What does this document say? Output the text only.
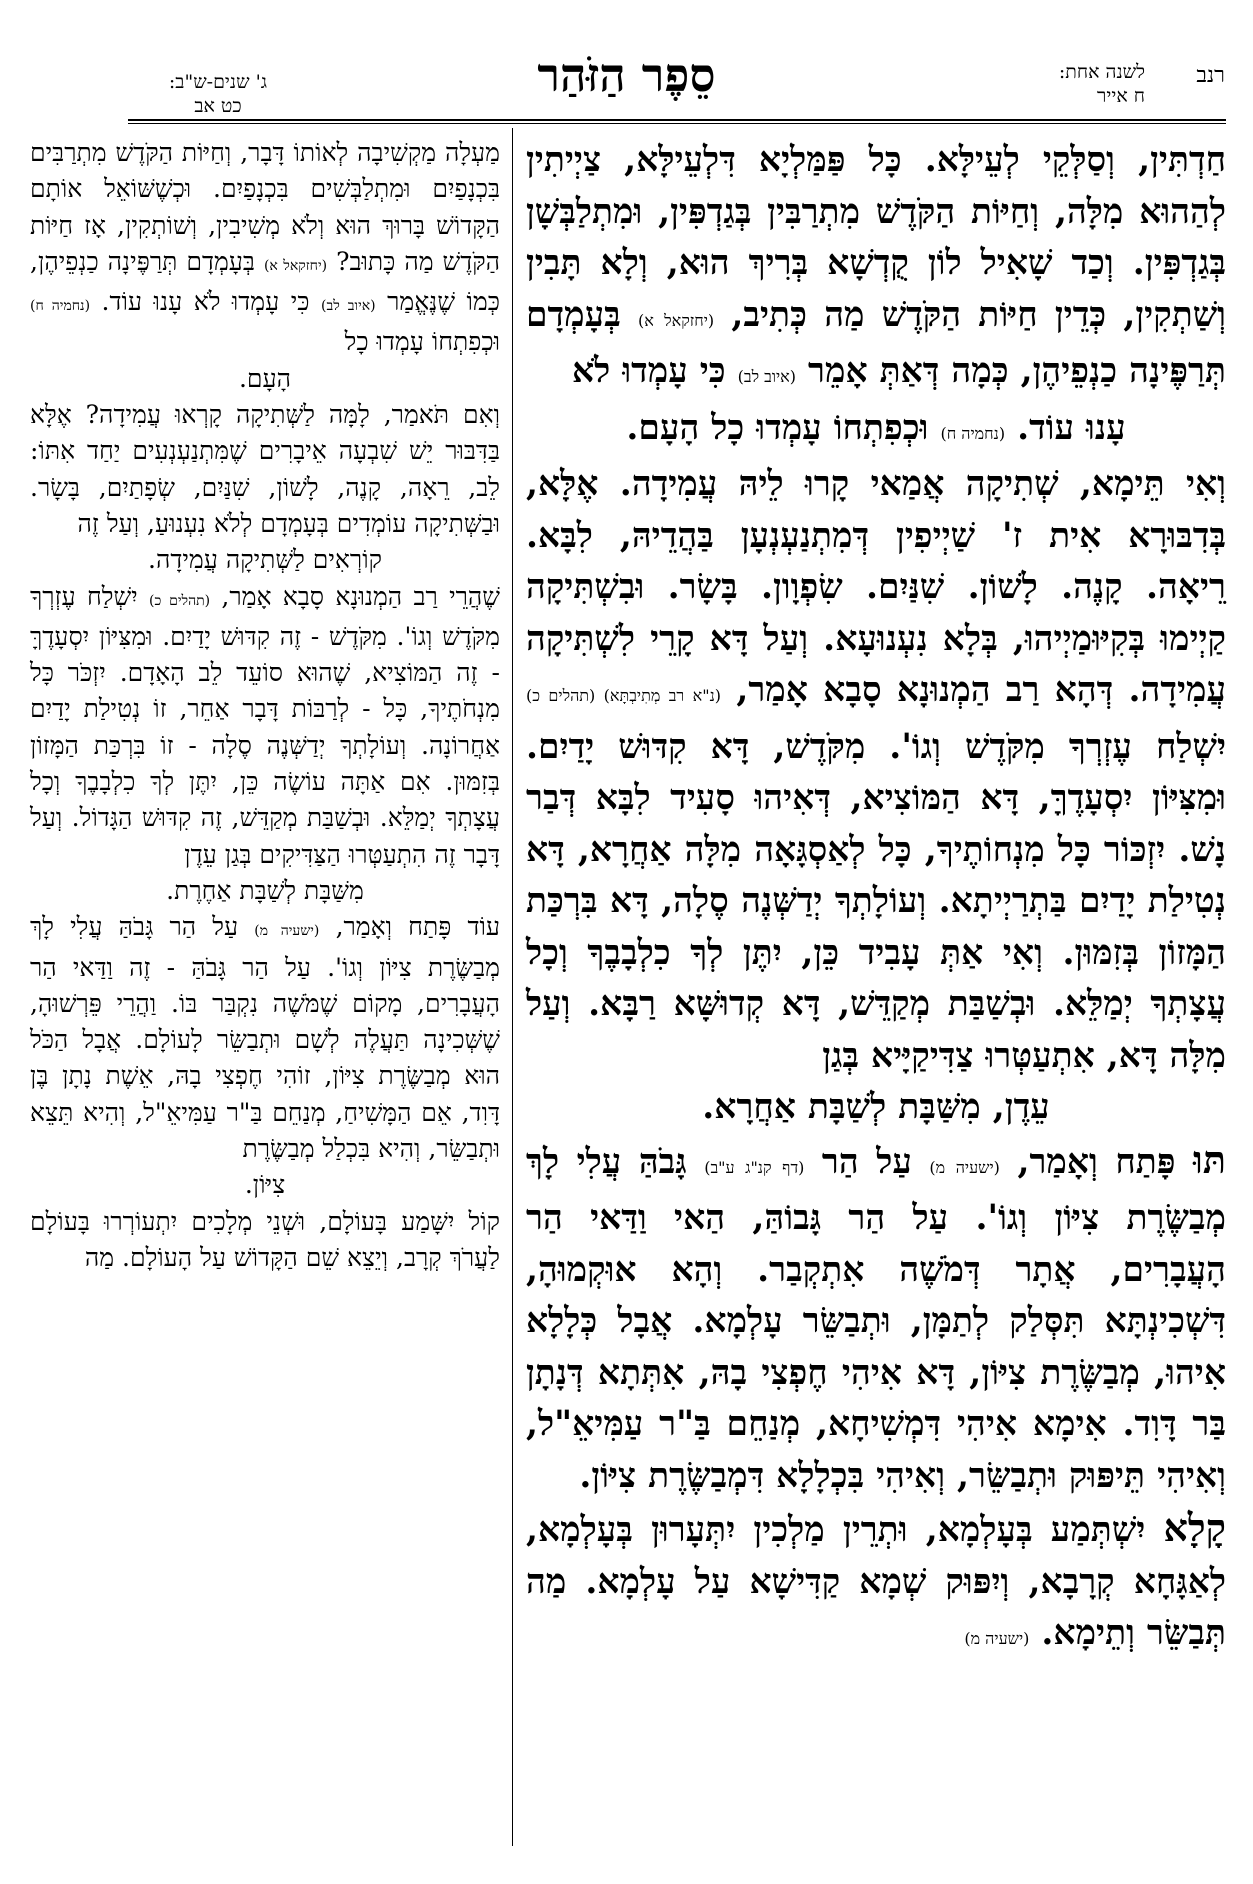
רנב
לשנה אחת:
ח אייר
סֵפֶר הַזֹּהַר
ג' שנים-ש"ב:
כט אב

חַדְתִּין, וְסַלְּקֵי לְעֵילָּא. כָּל פַּמַּלְיָא דִּלְעֵילָּא, צַיְיתִין לְהַהוּא מִלָּה, וְחַיּוֹת הַקֹּדֶשׁ מִתְרַבִּין בְּגַדְפִּין, וּמִתְלַבְּשָׁן בְּגַדְפִּין. וְכַד שָׁאִיל לוֹן קֻדְשָׁא בְּרִיךְ הוּא, וְלָא תָּבִין וְשַׁתְקִין, כְּדֵין חַיּוֹת הַקֹּדֶשׁ מַה כְּתִיב, (יחזקאל א) בְּעָמְדָם תְּרַפֶּינָה כַנְפֵיהֶן, כְּמָה דְּאַתְּ אָמֵר (איוב לב) כִּי עָמְדוּ לֹא

עָנוּ עוֹד. (נחמיה ח) וּכְפִתְחוֹ עָמְדוּ כָל הָעָם.

וְאִי תֵּימָא, שְׁתִיקָה אֲמַאי קָרוּ לֵיהּ עֲמִידָה. אֶלָּא, בְּדִבּוּרָא אִית ז' שַׁיְיפִין דְּמִתְנַעְנְעָן בַּהֲדֵיהּ, לִבָּא. רֵיאָה. קָנֶה. לָשׁוֹן. שִׁנַּיִם. שִׂפְוָון. בָּשָׂר. וּבִשְׁתִּיקָה קַיְימוּ בְּקִיּוּמַיְיהוּ, בְּלָא נִעְנוּעָא. וְעַל דָּא קָרֵי לִשְׁתִּיקָה עֲמִידָה. דְּהָא רַב הַמְנוּנָא סָבָא אָמַר, (נ"א רב מְתִיבְתָּא) (תהלים כ) יִשְׁלַח עֶזְרְךָ מִקֹּדֶשׁ וְגוֹ'. מִקֹּדֶשׁ, דָּא קִדּוּשׁ יָדַיִם. וּמִצִּיּוֹן יִסְעָדֶךָּ, דָּא הַמּוֹצִיא, דְּאִיהוּ סָעִיד לִבָּא דְּבַר נָשׁ. יִזְכּוֹר כָּל מִנְחוֹתֶיךָ, כָּל לְאַסְגָּאָה מִלָּה אַחֲרָא, דָּא נְטִילַת יָדַיִם בַּתְרַיְיתָא. וְעוֹלָתְךָ יְדַשְּׁנֶה סֶלָה, דָּא בִּרְכַּת הַמָּזוֹן בְּזִמּוּן. וְאִי אַתְּ עָבִיד כֵּן, יִתֶּן לְךָ כִלְבָבֶךָ וְכָל עֲצָתְךָ יְמַלֵּא. וּבְשַׁבַּת מְקַדֵּשׁ, דָּא קְדוּשָּׁא רַבָּא. וְעַל מִלָּה דָּא, אִתְעַטְּרוּ צַדִּיקַיָּיא בְּגַן

עֵדֶן, מִשַּׁבָּת לְשַׁבָּת אַחֲרָא.

תּוּ פָּתַח וְאָמַר, (ישעיה מ) עַל הַר (דף קנ"ג ע"ב) גָּבֹהַּ עֲלִי לָךְ מְבַשֶּׂרֶת צִיּוֹן וְגוֹ'. עַל הַר גָּבוֹהַּ, הַאי וַדַּאי הַר הָעֲבָרִים, אֲתָר דְּמֹשֶׁה אִתְקְבַר. וְהָא אוּקְמוּהָ, דִּשְׁכִינְתָּא תִּסְּלַק לְתַמָּן, וּתְבַשֵּׂר עָלְמָא. אֲבָל כְּלָלָא אִיהוּ, מְבַשֶּׂרֶת צִיּוֹן, דָּא אִיהִי חֶפְצִי בָהּ, אִתְּתָא דְּנָתָן בַּר דָּוִד. אִימָא אִיהִי דִּמְשִׁיחָא, מְנַחֵם בַּ"ר עַמִּיאֵ"ל, וְאִיהִי תֵּיפּוּק וּתְבַשֵּׂר, וְאִיהִי בִּכְלָלָא דִּמְבַשֶּׂרֶת צִיּוֹן.

קָלָא יִשְׁתְּמַע בְּעָלְמָא, וּתְרֵין מַלְכִין יִתְּעָרוּן בְּעָלְמָא, לְאַגָּחָא קְרָבָא, וְיִפּוּק שְׁמָא קַדִּישָׁא עַל עָלְמָא. מַה תְּבַשֵּׂר וְתֵימָא. (ישעיה מ)

מַעְלָה מַקְשִׁיבָה לְאוֹתוֹ דָּבָר, וְחַיּוֹת הַקֹּדֶשׁ מִתְרַבִּים בִּכְנָפַיִם וּמִתְלַבְּשִׁים בִּכְנָפַיִם. וּכְשֶׁשּׁוֹאֵל אוֹתָם הַקָּדוֹשׁ בָּרוּךְ הוּא וְלֹא מְשִׁיבִין, וְשׁוֹתְקִין, אָז חַיּוֹת הַקֹּדֶשׁ מַה כָּתוּב? (יחזקאל א) בְּעָמְדָם תְּרַפֶּינָה כַנְפֵיהֶן, כְּמוֹ שֶׁנֶּאֱמַר (איוב לב) כִּי עָמְדוּ לֹא עָנוּ עוֹד. (נחמיה ח) וּכְפִתְחוֹ עָמְדוּ כָל

הָעָם.

וְאִם תֹּאמַר, לָמָּה לַשְּׁתִיקָה קָרְאוּ עֲמִידָה? אֶלָּא בַּדִּבּוּר יֵשׁ שִׁבְעָה אֵיבָרִים שֶׁמִּתְנַעְנְעִים יַחַד אִתּוֹ: לֵב, רֵאָה, קָנֶה, לָשׁוֹן, שִׁנַּיִם, שְׂפָתַיִם, בָּשָׂר. וּבַשְּׁתִיקָה עוֹמְדִים בְּעָמְדָם לְלֹא נִעְנוּעַ, וְעַל זֶה

קוֹרְאִים לַשְּׁתִיקָה עֲמִידָה.

שֶׁהֲרֵי רַב הַמְנוּנָא סָבָא אָמַר, (תהלים כ) יִשְׁלַח עֶזְרְךָ מִקֹּדֶשׁ וְגוֹ'. מִקֹּדֶשׁ - זֶה קִדּוּשׁ יָדַיִם. וּמִצִּיּוֹן יִסְעָדֶךָּ - זֶה הַמּוֹצִיא, שֶׁהוּא סוֹעֵד לֵב הָאָדָם. יִזְכֹּר כָּל מִנְחֹתֶיךָ, כָּל - לְרַבּוֹת דָּבָר אַחֵר, זוֹ נְטִילַת יָדַיִם אַחֲרוֹנָה. וְעוֹלָתְךָ יְדַשְּׁנֶה סֶלָה - זוֹ בִּרְכַּת הַמָּזוֹן בְּזִמּוּן. אִם אַתָּה עוֹשֶׂה כֵּן, יִתֶּן לְךָ כִלְבָבֶךָ וְכָל עֲצָתְךָ יְמַלֵּא. וּבְשַׁבַּת מְקַדֵּשׁ, זֶה קִדּוּשׁ הַגָּדוֹל. וְעַל דָּבָר זֶה הִתְעַטְּרוּ הַצַּדִּיקִים בְּגַן עֵדֶן

מִשַּׁבָּת לְשַׁבָּת אַחֶרֶת.

עוֹד פָּתַח וְאָמַר, (ישעיה מ) עַל הַר גָּבֹהַּ עֲלִי לָךְ מְבַשֶּׂרֶת צִיּוֹן וְגוֹ'. עַל הַר גָּבֹהַּ - זֶה וַדַּאי הַר הָעֲבָרִים, מָקוֹם שֶׁמֹּשֶׁה נִקְבַּר בּוֹ. וַהֲרֵי פֵּרְשׁוּהָ, שֶׁשְּׁכִינָה תַּעֲלֶה לְשָׁם וּתְבַשֵּׂר לָעוֹלָם. אֲבָל הַכֹּל הוּא מְבַשֶּׂרֶת צִיּוֹן, זוֹהִי חֶפְצִי בָהּ, אֵשֶׁת נָתָן בֶּן דָּוִד, אֵם הַמָּשִׁיחַ, מְנַחֵם בַּ"ר עַמִּיאֵ"ל, וְהִיא תֵּצֵא וּתְבַשֵּׂר, וְהִיא בִּכְלַל מְבַשֶּׂרֶת

צִיּוֹן.

קוֹל יִשָּׁמַע בָּעוֹלָם, וּשְׁנֵי מְלָכִים יִתְעוֹרְרוּ בָּעוֹלָם לַעֲרֹךְ קְרָב, וְיֵצֵא שֵׁם הַקָּדוֹשׁ עַל הָעוֹלָם. מַה
